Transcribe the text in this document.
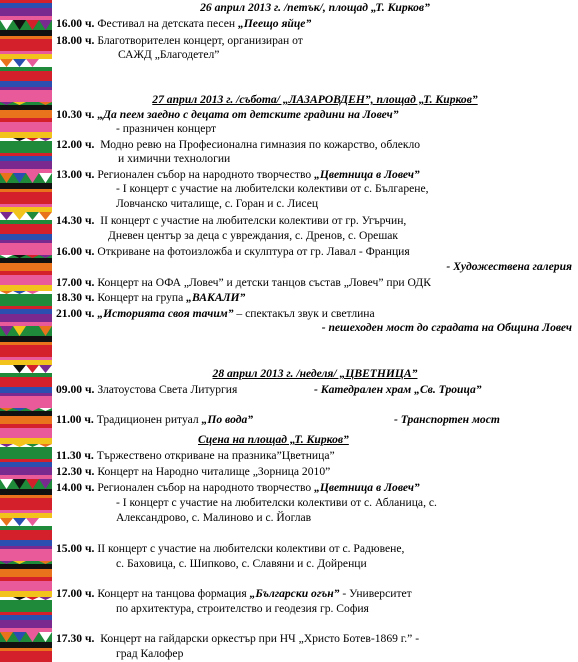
26 април 2013 г. /петък/, площад „Т. Кирков”
16.00 ч. Фестивал на детската песен „Пеещо яйце”
18.00 ч. Благотворителен концерт, организиран от
САЖД „Благодетел”
27 април 2013 г. /събота/ „ЛАЗАРОВДЕН”, площад „Т. Кирков”
10.30 ч. „Да пеем заедно с децата от детските градини на Ловеч”
- празничен концерт
12.00 ч. Модно ревю на Професионална гимназия по кожарство, облекло
и химични технологии
13.00 ч. Регионален събор на народното творчество „Цветница в Ловеч”
- I концерт с участие на любителски колективи от с. Българене,
Ловчанско читалище, с. Горан и с. Лисец
14.30 ч. II концерт с участие на любителски колективи от гр. Угърчин,
Дневен център за деца с увреждания, с. Дренов, с. Орешак
16.00 ч. Откриване на фотоизложба и скулптура от гр. Лавал - Франция
- Художествена галерия
17.00 ч. Концерт на ОФА „Ловеч” и детски танцов състав „Ловеч” при ОДК
18.30 ч. Концерт на група „ВАКАЛИ”
21.00 ч. „Историята своя тачим” – спектакъл звук и светлина
- пешеходен мост до сградата на Община Ловеч
28 април 2013 г. /неделя/ „ЦВЕТНИЦА”
09.00 ч. Златоустова Света Литургия	- Катедрален храм „Св. Троица”
11.00 ч. Традиционен ритуал „По вода”	- Транспортен мост
Сцена на площад „Т. Кирков”
11.30 ч. Тържествено откриване на празника”Цветница”
12.30 ч. Концерт на Народно читалище „Зорница 2010”
14.00 ч. Регионален събор на народното творчество „Цветница в Ловеч”
- I концерт с участие на любителски колективи от с. Абланица, с.
Александрово, с. Малиново и с. Йоглав
15.00 ч. II концерт с участие на любителски колективи от с. Радювене,
с. Баховица, с. Шипково, с. Славяни и с. Дойренци
17.00 ч. Концерт на танцова формация „Български огън” - Университет
по архитектура, строителство и геодезия гр. София
17.30 ч. Концерт на гайдарски оркестър при НЧ „Христо Ботев-1869 г.” -
град Калофер
